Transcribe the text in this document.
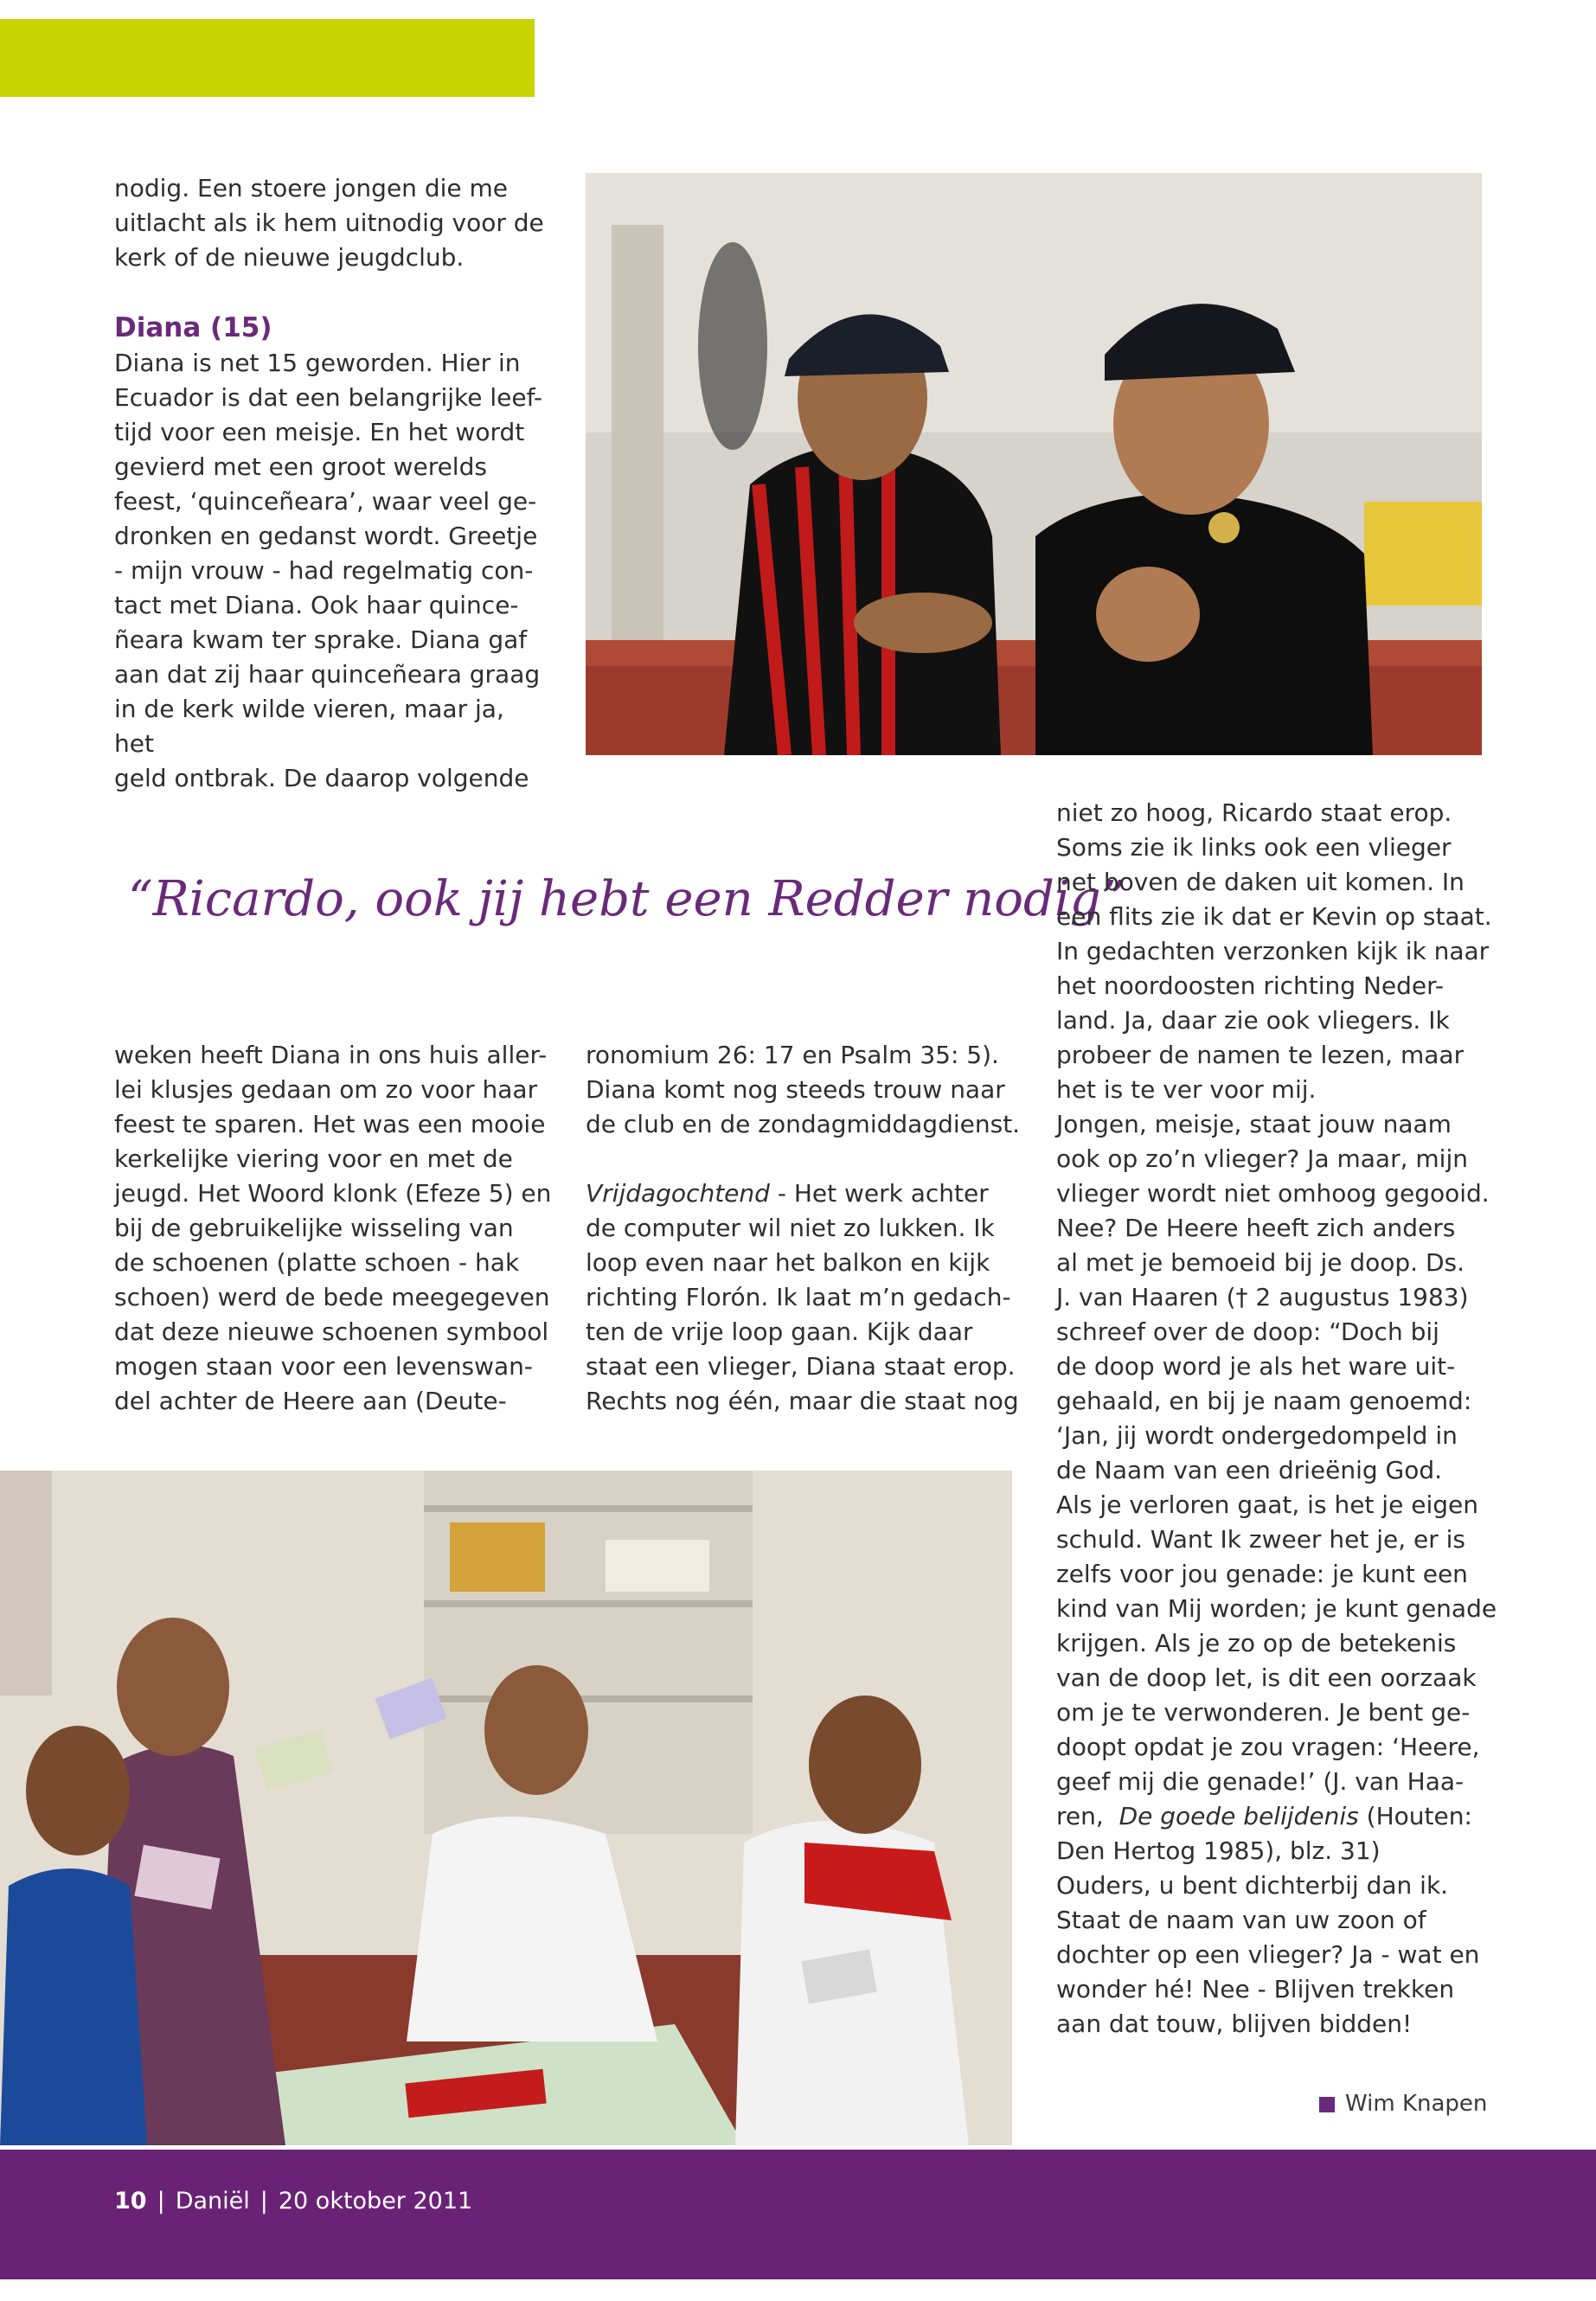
nodig. Een stoere jongen die me

uitlacht als ik hem uitnodig voor de

kerk of de nieuwe jeugdclub.

Diana (15)

Diana is net 15 geworden. Hier in

Ecuador is dat een belangrijke leef-

tijd voor een meisje. En het wordt

gevierd met een groot werelds

feest, ‘quinceñeara’, waar veel ge-

dronken en gedanst wordt. Greetje

- mijn vrouw - had regelmatig con-

tact met Diana. Ook haar quince-

ñeara kwam ter sprake. Diana gaf

aan dat zij haar quinceñeara graag

in de kerk wilde vieren, maar ja, het

geld ontbrak. De daarop volgende

“Ricardo, ook jij hebt een Redder nodig”

weken heeft Diana in ons huis aller-

lei klusjes gedaan om zo voor haar

feest te sparen. Het was een mooie

kerkelijke viering voor en met de

jeugd. Het Woord klonk (Efeze 5) en

bij de gebruikelijke wisseling van

de schoenen (platte schoen - hak

schoen) werd de bede meegegeven

dat deze nieuwe schoenen symbool

mogen staan voor een levenswan-

del achter de Heere aan (Deute-

ronomium 26: 17 en Psalm 35: 5).

Diana komt nog steeds trouw naar

de club en de zondagmiddagdienst.

Vrijdagochtend - Het werk achter

de computer wil niet zo lukken. Ik

loop even naar het balkon en kijk

richting Florón. Ik laat m’n gedach-

ten de vrije loop gaan. Kijk daar

staat een vlieger, Diana staat erop.

Rechts nog één, maar die staat nog

niet zo hoog, Ricardo staat erop.

Soms zie ik links ook een vlieger

net boven de daken uit komen. In

een flits zie ik dat er Kevin op staat.

In gedachten verzonken kijk ik naar

het noordoosten richting Neder-

land. Ja, daar zie ook vliegers. Ik

probeer de namen te lezen, maar

het is te ver voor mij.

Jongen, meisje, staat jouw naam

ook op zo’n vlieger? Ja maar, mijn

vlieger wordt niet omhoog gegooid.

Nee? De Heere heeft zich anders

al met je bemoeid bij je doop. Ds.

J. van Haaren († 2 augustus 1983)

schreef over de doop: “Doch bij

de doop word je als het ware uit-

gehaald, en bij je naam genoemd:

‘Jan, jij wordt ondergedompeld in

de Naam van een drieënig God.

Als je verloren gaat, is het je eigen

schuld. Want Ik zweer het je, er is

zelfs voor jou genade: je kunt een

kind van Mij worden; je kunt genade

krijgen. Als je zo op de betekenis

van de doop let, is dit een oorzaak

om je te verwonderen. Je bent ge-

doopt opdat je zou vragen: ‘Heere,

geef mij die genade!’ (J. van Haa-

ren,  De goede belijdenis (Houten:

Den Hertog 1985), blz. 31)

Ouders, u bent dichterbij dan ik.

Staat de naam van uw zoon of

dochter op een vlieger? Ja - wat en

wonder hé! Nee - Blijven trekken

aan dat touw, blijven bidden!

Wim Knapen
10 | Daniël | 20 oktober 2011
